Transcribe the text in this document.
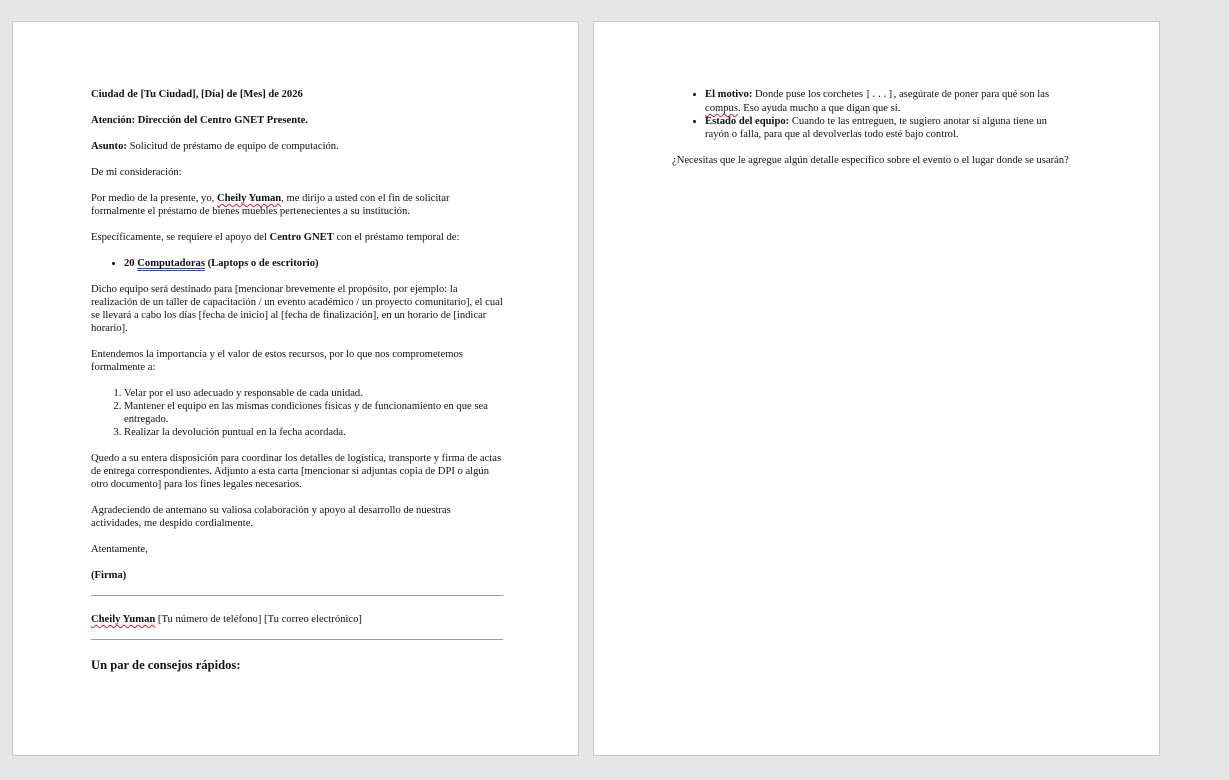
Ciudad de [Tu Ciudad], [Día] de [Mes] de 2026

Atención: Dirección del Centro GNET Presente.

Asunto: Solicitud de préstamo de equipo de computación.

De mi consideración:

Por medio de la presente, yo, Cheily Yuman, me dirijo a usted con el fin de solicitar formalmente el préstamo de bienes muebles pertenecientes a su institución.

Específicamente, se requiere el apoyo del Centro GNET con el préstamo temporal de:

• 20 Computadoras (Laptops o de escritorio)

Dicho equipo será destinado para [mencionar brevemente el propósito, por ejemplo: la realización de un taller de capacitación / un evento académico / un proyecto comunitario], el cual se llevará a cabo los días [fecha de inicio] al [fecha de finalización], en un horario de [indicar horario].

Entendemos la importancia y el valor de estos recursos, por lo que nos comprometemos formalmente a:

1. Velar por el uso adecuado y responsable de cada unidad.
2. Mantener el equipo en las mismas condiciones físicas y de funcionamiento en que sea entregado.
3. Realizar la devolución puntual en la fecha acordada.

Quedo a su entera disposición para coordinar los detalles de logística, transporte y firma de actas de entrega correspondientes. Adjunto a esta carta [mencionar si adjuntas copia de DPI o algún otro documento] para los fines legales necesarios.

Agradeciendo de antemano su valiosa colaboración y apoyo al desarrollo de nuestras actividades, me despido cordialmente.

Atentamente,

(Firma)

Cheily Yuman [Tu número de teléfono] [Tu correo electrónico]

Un par de consejos rápidos:
• El motivo: Donde puse los corchetes [...], asegúrate de poner para qué son las compus. Eso ayuda mucho a que digan que sí.
• Estado del equipo: Cuando te las entreguen, te sugiero anotar si alguna tiene un rayón o falla, para que al devolverlas todo esté bajo control.

¿Necesitas que le agregue algún detalle específico sobre el evento o el lugar donde se usarán?
